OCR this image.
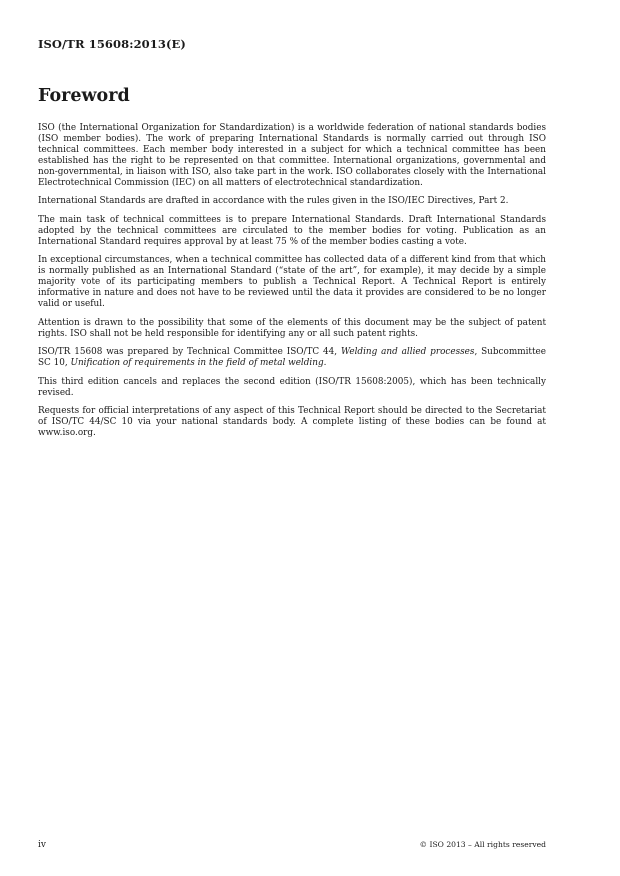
ISO/TR 15608:2013(E)
Foreword

ISO (the International Organization for Standardization) is a worldwide federation of national standards bodies (ISO member bodies). The work of preparing International Standards is normally carried out through ISO technical committees. Each member body interested in a subject for which a technical committee has been established has the right to be represented on that committee. International organizations, governmental and non-governmental, in liaison with ISO, also take part in the work. ISO collaborates closely with the International Electrotechnical Commission (IEC) on all matters of electrotechnical standardization.

International Standards are drafted in accordance with the rules given in the ISO/IEC Directives, Part 2.

The main task of technical committees is to prepare International Standards. Draft International Standards adopted by the technical committees are circulated to the member bodies for voting. Publication as an International Standard requires approval by at least 75 % of the member bodies casting a vote.

In exceptional circumstances, when a technical committee has collected data of a different kind from that which is normally published as an International Standard (“state of the art”, for example), it may decide by a simple majority vote of its participating members to publish a Technical Report. A Technical Report is entirely informative in nature and does not have to be reviewed until the data it provides are considered to be no longer valid or useful.

Attention is drawn to the possibility that some of the elements of this document may be the subject of patent rights. ISO shall not be held responsible for identifying any or all such patent rights.

ISO/TR 15608 was prepared by Technical Committee ISO/TC 44, Welding and allied processes, Subcommittee SC 10, Unification of requirements in the field of metal welding.

This third edition cancels and replaces the second edition (ISO/TR 15608:2005), which has been technically revised.

Requests for official interpretations of any aspect of this Technical Report should be directed to the Secretariat of ISO/TC 44/SC 10 via your national standards body. A complete listing of these bodies can be found at www.iso.org.

iv	© ISO 2013 – All rights reserved
